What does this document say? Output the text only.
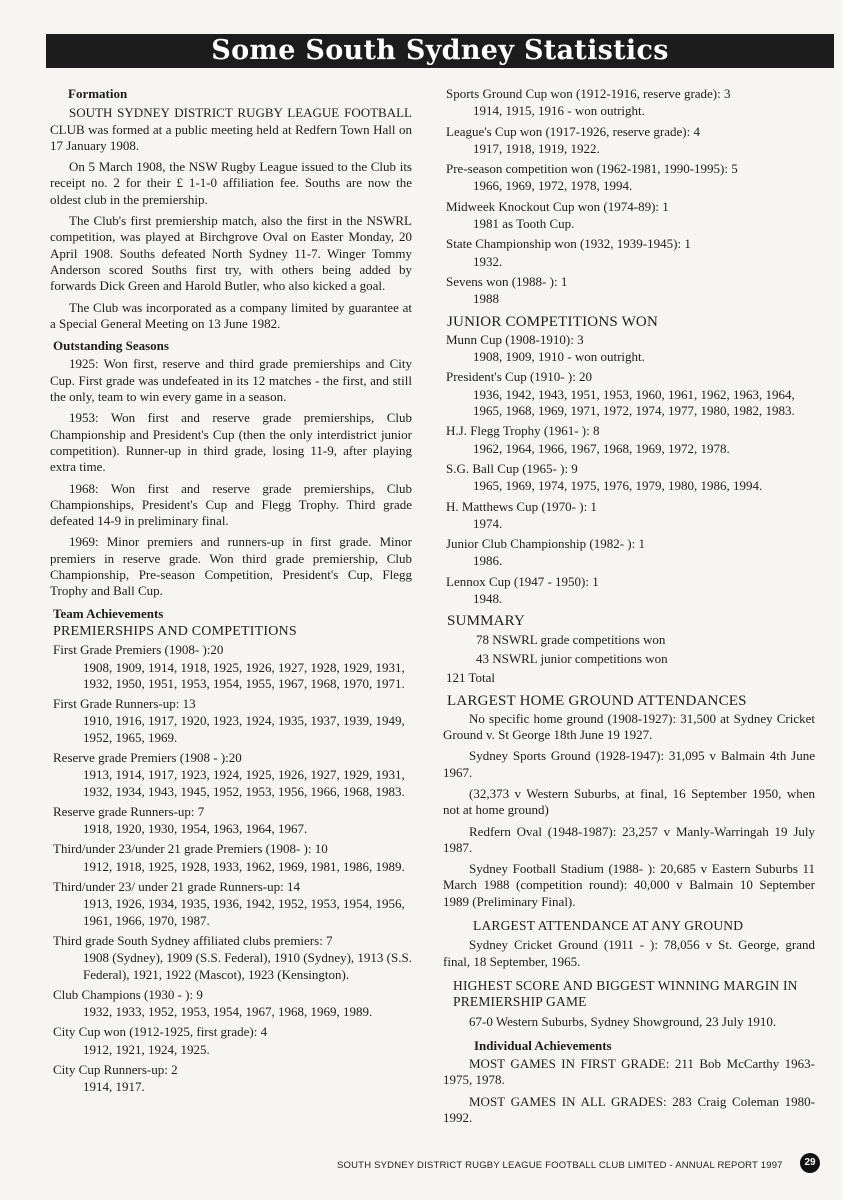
Some South Sydney Statistics
Formation

SOUTH SYDNEY DISTRICT RUGBY LEAGUE FOOTBALL CLUB was formed at a public meeting held at Redfern Town Hall on 17 January 1908.

On 5 March 1908, the NSW Rugby League issued to the Club its receipt no. 2 for their £ 1-1-0 affiliation fee. Souths are now the oldest club in the premiership.

The Club's first premiership match, also the first in the NSWRL competition, was played at Birchgrove Oval on Easter Monday, 20 April 1908. Souths defeated North Sydney 11-7. Winger Tommy Anderson scored Souths first try, with others being added by forwards Dick Green and Harold Butler, who also kicked a goal.

The Club was incorporated as a company limited by guarantee at a Special General Meeting on 13 June 1982.

Outstanding Seasons

1925: Won first, reserve and third grade premierships and City Cup. First grade was undefeated in its 12 matches - the first, and still the only, team to win every game in a season.

1953: Won first and reserve grade premierships, Club Championship and President's Cup (then the only interdistrict junior competition). Runner-up in third grade, losing 11-9, after playing extra time.

1968: Won first and reserve grade premierships, Club Championships, President's Cup and Flegg Trophy. Third grade defeated 14-9 in preliminary final.

1969: Minor premiers and runners-up in first grade. Minor premiers in reserve grade. Won third grade premiership, Club Championship, Pre-season Competition, President's Cup, Flegg Trophy and Ball Cup.

Team Achievements
PREMIERSHIPS AND COMPETITIONS
First Grade Premiers (1908- ):20
1908, 1909, 1914, 1918, 1925, 1926, 1927, 1928, 1929, 1931, 1932, 1950, 1951, 1953, 1954, 1955, 1967, 1968, 1970, 1971.
First Grade Runners-up: 13
1910, 1916, 1917, 1920, 1923, 1924, 1935, 1937, 1939, 1949, 1952, 1965, 1969.
Reserve grade Premiers (1908 - ):20
1913, 1914, 1917, 1923, 1924, 1925, 1926, 1927, 1929, 1931, 1932, 1934, 1943, 1945, 1952, 1953, 1956, 1966, 1968, 1983.
Reserve grade Runners-up: 7
1918, 1920, 1930, 1954, 1963, 1964, 1967.
Third/under 23/under 21 grade Premiers (1908- ): 10
1912, 1918, 1925, 1928, 1933, 1962, 1969, 1981, 1986, 1989.
Third/under 23/ under 21 grade Runners-up: 14
1913, 1926, 1934, 1935, 1936, 1942, 1952, 1953, 1954, 1956, 1961, 1966, 1970, 1987.
Third grade South Sydney affiliated clubs premiers: 7
1908 (Sydney), 1909 (S.S. Federal), 1910 (Sydney), 1913 (S.S. Federal), 1921, 1922 (Mascot), 1923 (Kensington).
Club Champions (1930 - ): 9
1932, 1933, 1952, 1953, 1954, 1967, 1968, 1969, 1989.
City Cup won (1912-1925, first grade): 4
1912, 1921, 1924, 1925.
City Cup Runners-up: 2
1914, 1917.
Sports Ground Cup won (1912-1916, reserve grade): 3
1914, 1915, 1916 - won outright.
League's Cup won (1917-1926, reserve grade): 4
1917, 1918, 1919, 1922.
Pre-season competition won (1962-1981, 1990-1995): 5
1966, 1969, 1972, 1978, 1994.
Midweek Knockout Cup won (1974-89): 1
1981 as Tooth Cup.
State Championship won (1932, 1939-1945): 1
1932.
Sevens won (1988- ): 1
1988
JUNIOR COMPETITIONS WON
Munn Cup (1908-1910): 3
1908, 1909, 1910 - won outright.
President's Cup (1910- ): 20
1936, 1942, 1943, 1951, 1953, 1960, 1961, 1962, 1963, 1964, 1965, 1968, 1969, 1971, 1972, 1974, 1977, 1980, 1982, 1983.
H.J. Flegg Trophy (1961- ): 8
1962, 1964, 1966, 1967, 1968, 1969, 1972, 1978.
S.G. Ball Cup (1965- ): 9
1965, 1969, 1974, 1975, 1976, 1979, 1980, 1986, 1994.
H. Matthews Cup (1970- ): 1
1974.
Junior Club Championship (1982- ): 1
1986.
Lennox Cup (1947 - 1950): 1
1948.
SUMMARY
78 NSWRL grade competitions won
43 NSWRL junior competitions won
121 Total
LARGEST HOME GROUND ATTENDANCES

No specific home ground (1908-1927): 31,500 at Sydney Cricket Ground v. St George 18th June 19 1927.

Sydney Sports Ground (1928-1947): 31,095 v Balmain 4th June 1967.

(32,373 v Western Suburbs, at final, 16 September 1950, when not at home ground)

Redfern Oval (1948-1987): 23,257 v Manly-Warringah 19 July 1987.

Sydney Football Stadium (1988- ): 20,685 v Eastern Suburbs 11 March 1988 (competition round): 40,000 v Balmain 10 September 1989 (Preliminary Final).

LARGEST ATTENDANCE AT ANY GROUND

Sydney Cricket Ground (1911 - ): 78,056 v St. George, grand final, 18 September, 1965.

HIGHEST SCORE AND BIGGEST WINNING MARGIN IN PREMIERSHIP GAME

67-0 Western Suburbs, Sydney Showground, 23 July 1910.

Individual Achievements

MOST GAMES IN FIRST GRADE: 211 Bob McCarthy 1963-1975, 1978.

MOST GAMES IN ALL GRADES: 283 Craig Coleman 1980-1992.

SOUTH SYDNEY DISTRICT RUGBY LEAGUE FOOTBALL CLUB LIMITED - ANNUAL REPORT 1997	29
